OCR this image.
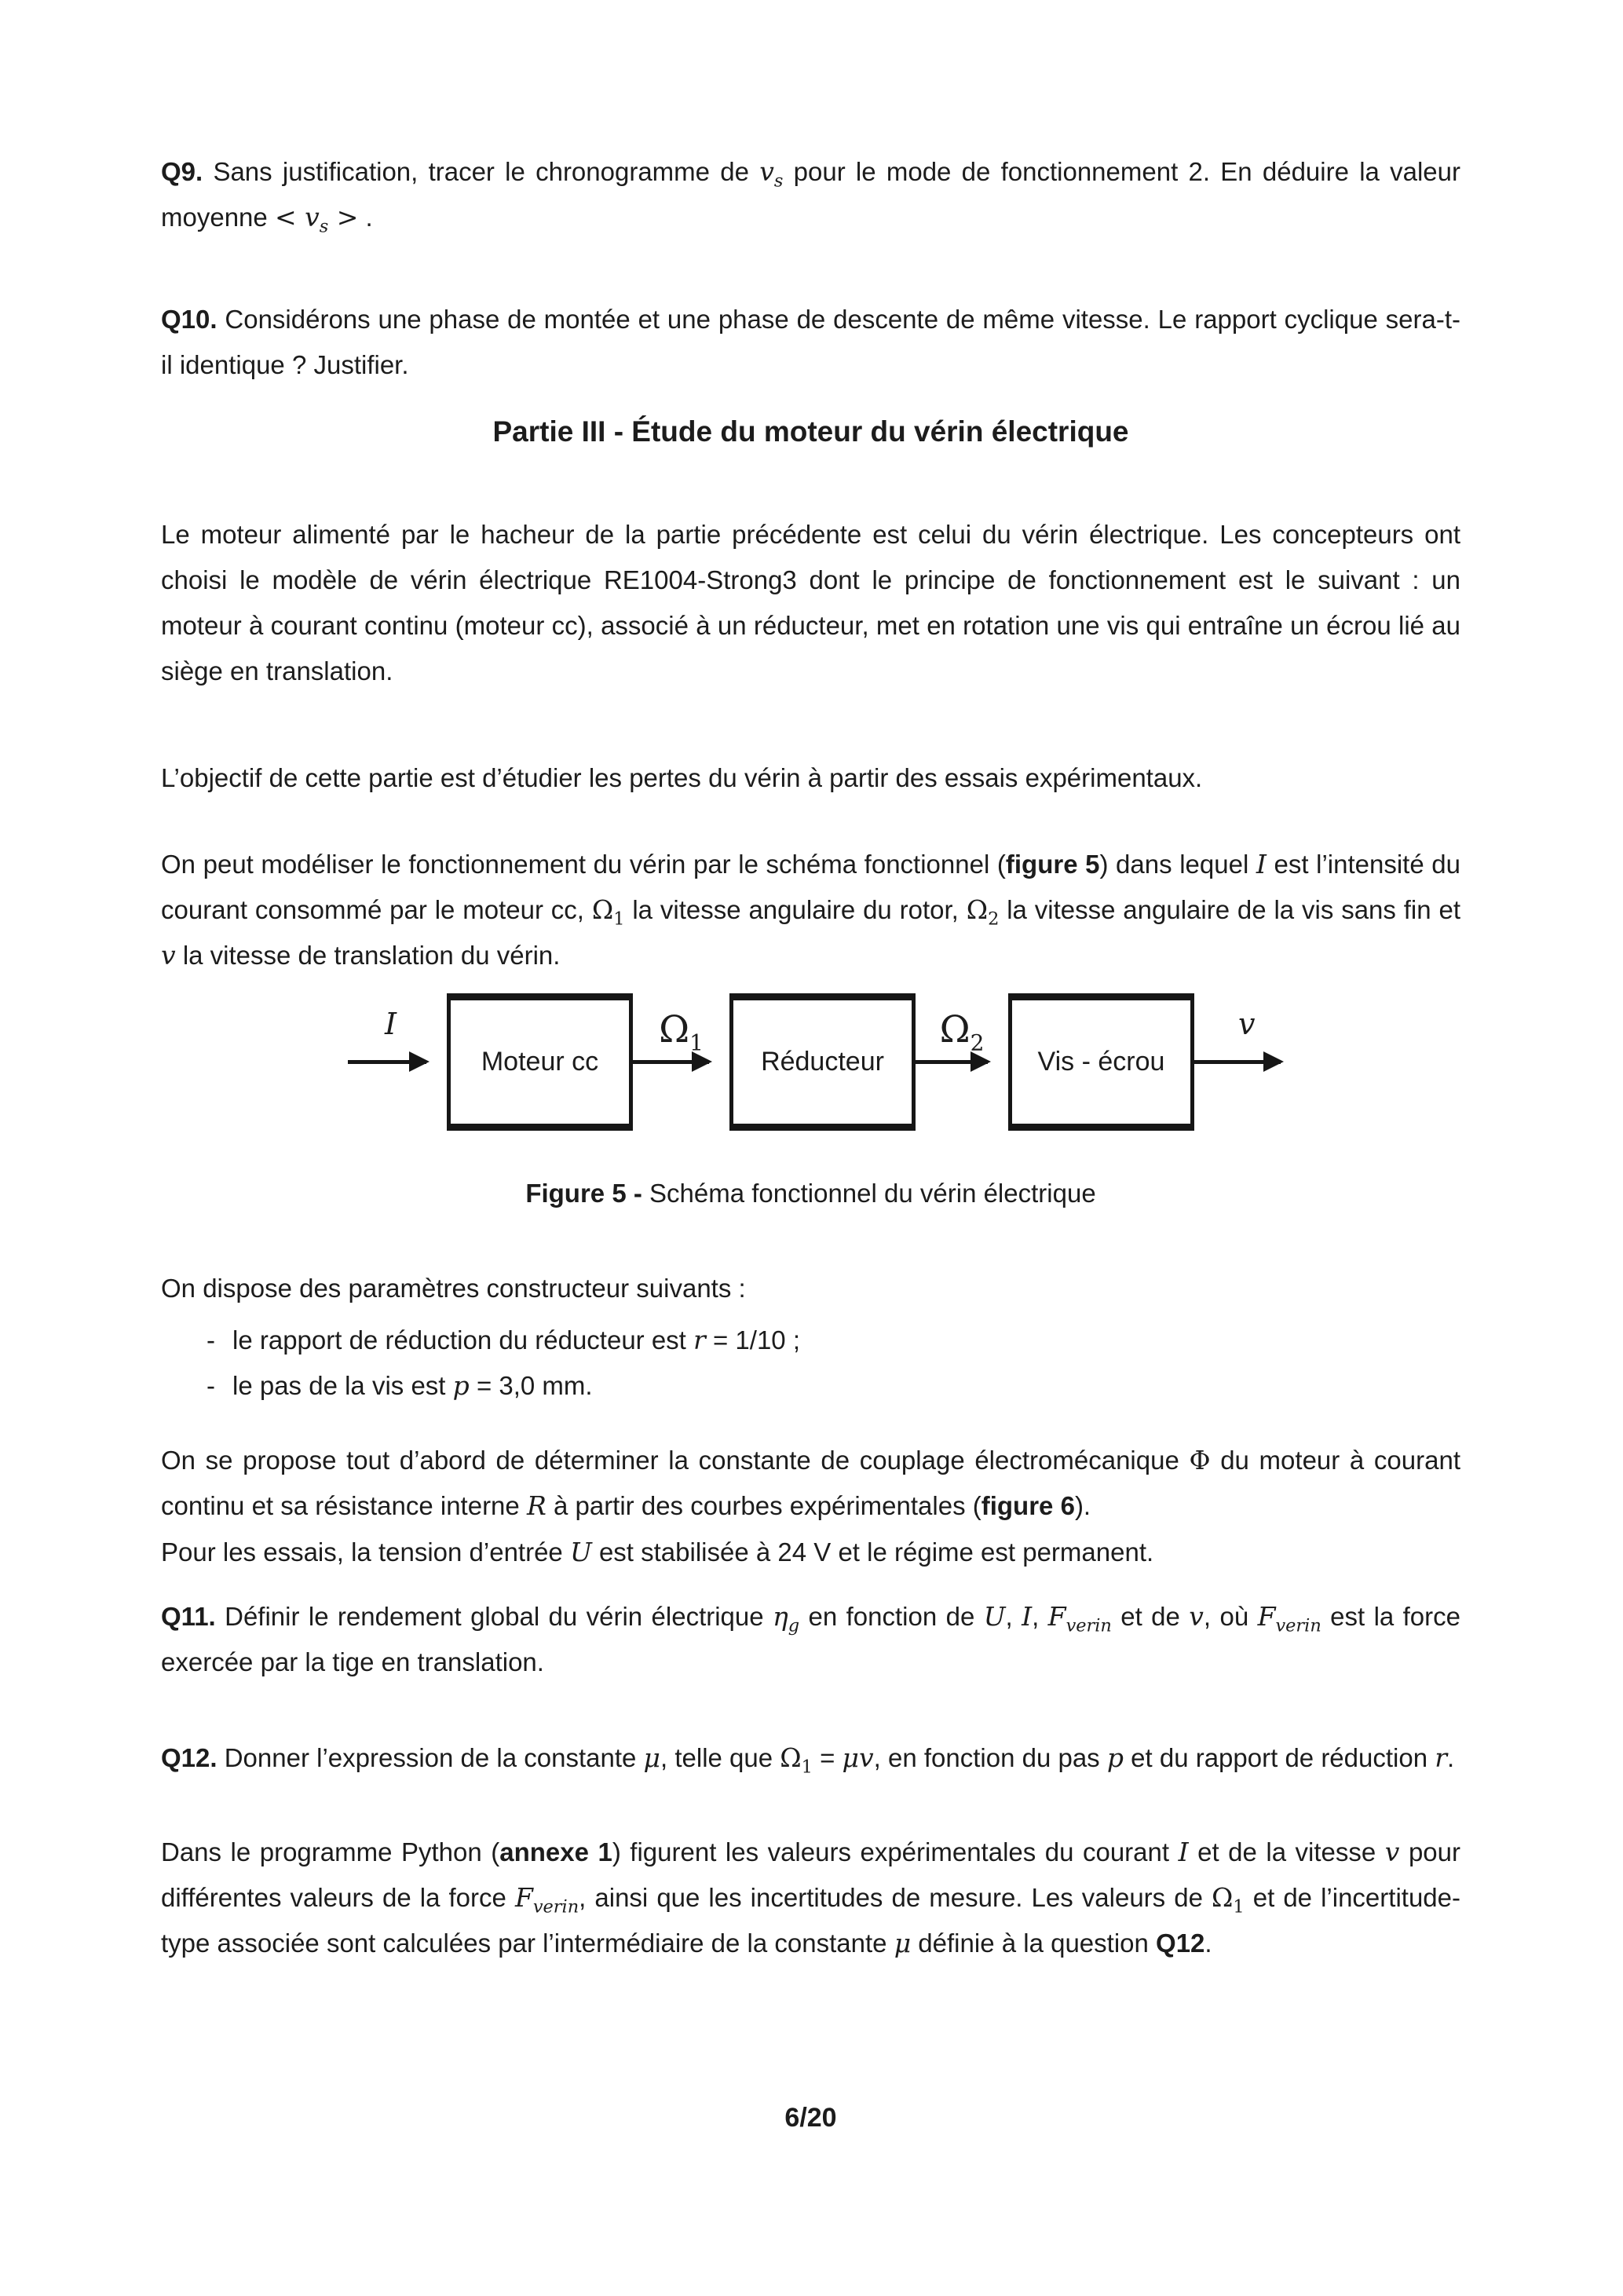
Q9. Sans justification, tracer le chronogramme de $v_s$ pour le mode de fonctionnement 2. En déduire la valeur moyenne < $v_s$ > .

Q10. Considérons une phase de montée et une phase de descente de même vitesse. Le rapport cyclique sera-t-il identique ? Justifier.

Partie III - Étude du moteur du vérin électrique

Le moteur alimenté par le hacheur de la partie précédente est celui du vérin électrique. Les concepteurs ont choisi le modèle de vérin électrique RE1004-Strong3 dont le principe de fonctionnement est le suivant : un moteur à courant continu (moteur cc), associé à un réducteur, met en rotation une vis qui entraîne un écrou lié au siège en translation.

L’objectif de cette partie est d’étudier les pertes du vérin à partir des essais expérimentaux.

On peut modéliser le fonctionnement du vérin par le schéma fonctionnel (figure 5) dans lequel I est l’intensité du courant consommé par le moteur cc, $\Omega_1$ la vitesse angulaire du rotor, $\Omega_2$ la vitesse angulaire de la vis sans fin et v la vitesse de translation du vérin.

I
Moteur cc
$\Omega_1$
Réducteur
$\Omega_2$
Vis - écrou
v

Figure 5 - Schéma fonctionnel du vérin électrique

On dispose des paramètres constructeur suivants :

- le rapport de réduction du réducteur est r = 1/10 ;
- le pas de la vis est p = 3,0 mm.

On se propose tout d’abord de déterminer la constante de couplage électromécanique Φ du moteur à courant continu et sa résistance interne R à partir des courbes expérimentales (figure 6).

Pour les essais, la tension d’entrée U est stabilisée à 24 V et le régime est permanent.

Q11. Définir le rendement global du vérin électrique $\eta_g$ en fonction de U, I, $F_{verin}$ et de v, où $F_{verin}$ est la force exercée par la tige en translation.

Q12. Donner l’expression de la constante μ, telle que $\Omega_1 = \mu v$, en fonction du pas p et du rapport de réduction r.

Dans le programme Python (annexe 1) figurent les valeurs expérimentales du courant I et de la vitesse v pour différentes valeurs de la force $F_{verin}$, ainsi que les incertitudes de mesure. Les valeurs de $\Omega_1$ et de l’incertitude-type associée sont calculées par l’intermédiaire de la constante μ définie à la question Q12.

6/20
